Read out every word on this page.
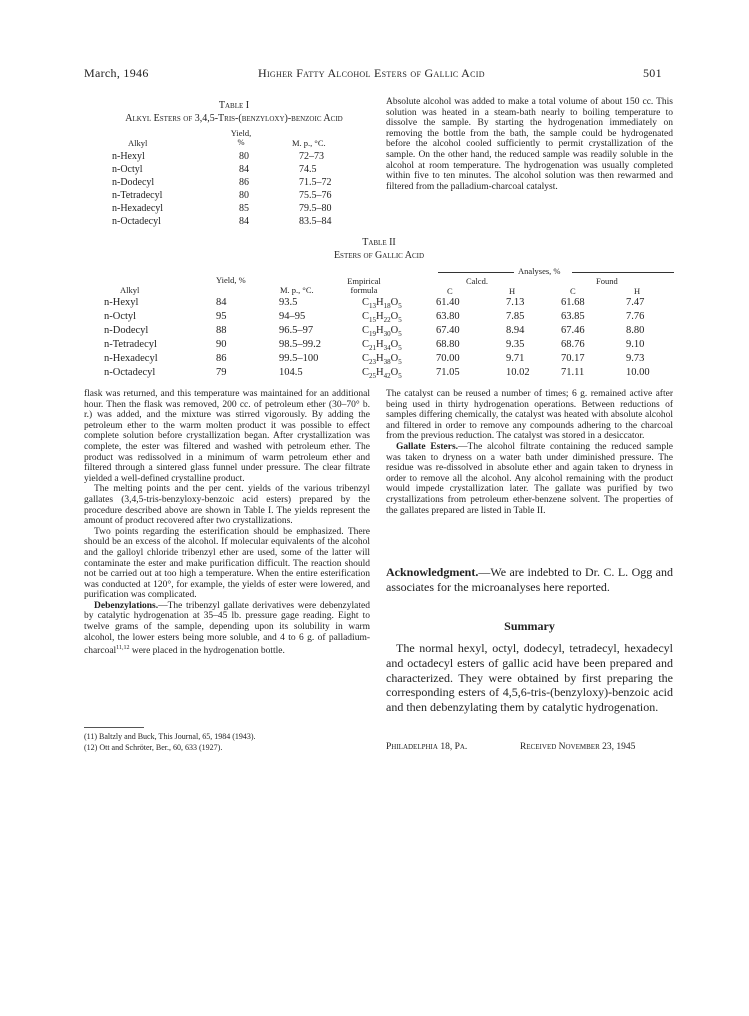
March, 1946	Higher Fatty Alcohol Esters of Gallic Acid	501
Table I
Alkyl Esters of 3,4,5-Tris-(benzyloxy)-benzoic Acid
Yield, %
Alkyl	M. p., °C.
n-Hexyl	80	72–73
n-Octyl	84	74.5
n-Dodecyl	86	71.5–72
n-Tetradecyl	80	75.5–76
n-Hexadecyl	85	79.5–80
n-Octadecyl	84	83.5–84
Absolute alcohol was added to make a total volume of about 150 cc. This solution was heated in a steam-bath nearly to boiling temperature to dissolve the sample. By starting the hydrogenation immediately on removing the bottle from the bath, the sample could be hydrogenated before the alcohol cooled sufficiently to permit crystallization of the sample. On the other hand, the reduced sample was readily soluble in the alcohol at room temperature. The hydrogenation was usually completed within five to ten minutes. The alcohol solution was then rewarmed and filtered from the palladium-charcoal catalyst.
Table II
Esters of Gallic Acid
Analyses, %
Yield, %	Empirical formula
Calcd.	Found
Alkyl	M. p., °C.	C	H	C	H
n-Hexyl	84	93.5	$C_{13}H_{18}O_5$	61.40	7.13	61.68	7.47
n-Octyl	95	94–95	$C_{15}H_{22}O_5$	63.80	7.85	63.85	7.76
n-Dodecyl	88	96.5–97	$C_{19}H_{30}O_5$	67.40	8.94	67.46	8.80
n-Tetradecyl	90	98.5–99.2	$C_{21}H_{34}O_5$	68.80	9.35	68.76	9.10
n-Hexadecyl	86	99.5–100	$C_{23}H_{38}O_5$	70.00	9.71	70.17	9.73
n-Octadecyl	79	104.5	$C_{25}H_{42}O_5$	71.05	10.02	71.11	10.00

flask was returned, and this temperature was maintained for an additional hour. Then the flask was removed, 200 cc. of petroleum ether (30–70° b. r.) was added, and the mixture was stirred vigorously. By adding the petroleum ether to the warm molten product it was possible to effect complete solution before crystallization began. After crystallization was complete, the ester was filtered and washed with petroleum ether. The product was redissolved in a minimum of warm petroleum ether and filtered through a sintered glass funnel under pressure. The clear filtrate yielded a well-defined crystalline product.

The melting points and the per cent. yields of the various tribenzyl gallates (3,4,5-tris-benzyloxy-benzoic acid esters) prepared by the procedure described above are shown in Table I. The yields represent the amount of product recovered after two crystallizations.

Two points regarding the esterification should be emphasized. There should be an excess of the alcohol. If molecular equivalents of the alcohol and the galloyl chloride tribenzyl ether are used, some of the latter will contaminate the ester and make purification difficult. The reaction should not be carried out at too high a temperature. When the entire esterification was conducted at 120°, for example, the yields of ester were lowered, and purification was complicated.

Debenzylations.—The tribenzyl gallate derivatives were debenzylated by catalytic hydrogenation at 35–45 lb. pressure gage reading. Eight to twelve grams of the sample, depending upon its solubility in warm alcohol, the lower esters being more soluble, and 4 to 6 g. of palladium-charcoal$^{11,12}$ were placed in the hydrogenation bottle.

(11) Baltzly and Buck, This Journal, 65, 1984 (1943).
(12) Ott and Schröter, Ber., 60, 633 (1927).

The catalyst can be reused a number of times; 6 g. remained active after being used in thirty hydrogenation operations. Between reductions of samples differing chemically, the catalyst was heated with absolute alcohol and filtered in order to remove any compounds adhering to the charcoal from the previous reduction. The catalyst was stored in a desiccator.

Gallate Esters.—The alcohol filtrate containing the reduced sample was taken to dryness on a water bath under diminished pressure. The residue was re-dissolved in absolute ether and again taken to dryness in order to remove all the alcohol. Any alcohol remaining with the product would impede crystallization later. The gallate was purified by two crystallizations from petroleum ether-benzene solvent. The properties of the gallates prepared are listed in Table II.

Acknowledgment.—We are indebted to Dr. C. L. Ogg and associates for the microanalyses here reported.
Summary
The normal hexyl, octyl, dodecyl, tetradecyl, hexadecyl and octadecyl esters of gallic acid have been prepared and characterized. They were obtained by first preparing the corresponding esters of 4,5,6-tris-(benzyloxy)-benzoic acid and then debenzylating them by catalytic hydrogenation.
Philadelphia 18, Pa.	Received November 23, 1945
